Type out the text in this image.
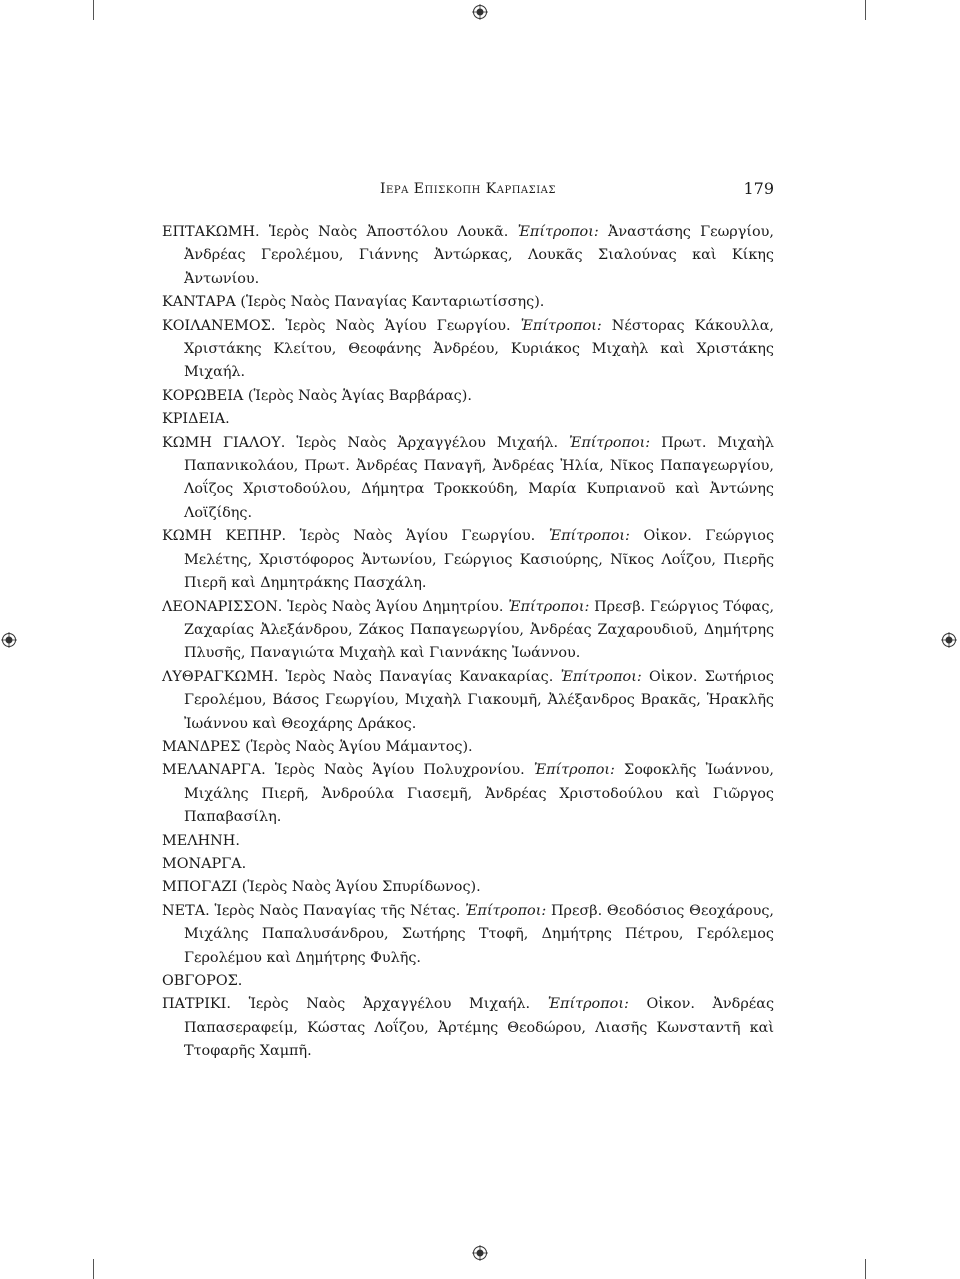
Ιερα Επισκοπη Καρπασιας	179

ΕΠΤΑΚΩΜΗ. Ἱερὸς Ναὸς Ἀποστόλου Λουκᾶ. Ἐπίτροποι: Ἀναστάσης Γεωργίου, Ἀνδρέας Γερολέμου, Γιάννης Ἀντώρκας, Λουκᾶς Σιαλούνας καὶ Κίκης Ἀντωνίου.

ΚΑΝΤΑΡΑ (Ἱερὸς Ναὸς Παναγίας Κανταριωτίσσης).

ΚΟΙΛΑΝΕΜΟΣ. Ἱερὸς Ναὸς Ἁγίου Γεωργίου. Ἐπίτροποι: Νέστορας Κάκουλλα, Χριστάκης Κλείτου, Θεοφάνης Ἀνδρέου, Κυριάκος Μιχαὴλ καὶ Χριστάκης Μιχαήλ.

ΚΟΡΩΒΕΙΑ (Ἱερὸς Ναὸς Ἁγίας Βαρβάρας).

ΚΡΙΔΕΙΑ.

ΚΩΜΗ ΓΙΑΛΟΥ. Ἱερὸς Ναὸς Ἀρχαγγέλου Μιχαήλ. Ἐπίτροποι: Πρωτ. Μιχαὴλ Παπανικολάου, Πρωτ. Ἀνδρέας Παναγῆ, Ἀνδρέας Ἠλία, Νῖκος Παπαγεωργίου, Λοΐζος Χριστοδούλου, Δήμητρα Τροκκούδη, Μαρία Κυπριανοῦ καὶ Ἀντώνης Λοϊζίδης.

ΚΩΜΗ ΚΕΠΗΡ. Ἱερὸς Ναὸς Ἁγίου Γεωργίου. Ἐπίτροποι: Οἰκον. Γεώργιος Μελέτης, Χριστόφορος Ἀντωνίου, Γεώργιος Κασιούρης, Νῖκος Λοΐζου, Πιερῆς Πιερῆ καὶ Δημητράκης Πασχάλη.

ΛΕΟΝΑΡΙΣΣΟΝ. Ἱερὸς Ναὸς Ἁγίου Δημητρίου. Ἐπίτροποι: Πρεσβ. Γεώργιος Τόφας, Ζαχαρίας Ἀλεξάνδρου, Ζάκος Παπαγεωργίου, Ἀνδρέας Ζαχαρουδιοῦ, Δημήτρης Πλυσῆς, Παναγιώτα Μιχαὴλ καὶ Γιαννάκης Ἰωάννου.

ΛΥΘΡΑΓΚΩΜΗ. Ἱερὸς Ναὸς Παναγίας Κανακαρίας. Ἐπίτροποι: Οἰκον. Σωτήριος Γερολέμου, Βάσος Γεωργίου, Μιχαὴλ Γιακουμῆ, Ἀλέξανδρος Βρακᾶς, Ἡρακλῆς Ἰωάννου καὶ Θεοχάρης Δράκος.

ΜΑΝΔΡΕΣ (Ἱερὸς Ναὸς Ἁγίου Μάμαντος).

ΜΕΛΑΝΑΡΓΑ. Ἱερὸς Ναὸς Ἁγίου Πολυχρονίου. Ἐπίτροποι: Σοφοκλῆς Ἰωάννου, Μιχάλης Πιερῆ, Ἀνδρούλα Γιασεμῆ, Ἀνδρέας Χριστοδούλου καὶ Γιῶργος Παπαβασίλη.

ΜΕΛΗΝΗ.

ΜΟΝΑΡΓΑ.

ΜΠΟΓΑΖΙ (Ἱερὸς Ναὸς Ἁγίου Σπυρίδωνος).

ΝΕΤΑ. Ἱερὸς Ναὸς Παναγίας τῆς Νέτας. Ἐπίτροποι: Πρεσβ. Θεοδόσιος Θεοχάρους, Μιχάλης Παπαλυσάνδρου, Σωτήρης Ττοφῆ, Δημήτρης Πέτρου, Γερόλεμος Γερολέμου καὶ Δημήτρης Φυλῆς.

ΟΒΓΟΡΟΣ.

ΠΑΤΡΙΚΙ. Ἱερὸς Ναὸς Ἀρχαγγέλου Μιχαήλ. Ἐπίτροποι: Οἰκον. Ἀνδρέας Παπασεραφείμ, Κώστας Λοΐζου, Ἀρτέμης Θεοδώρου, Λιασῆς Κωνσταντῆ καὶ Ττοφαρῆς Χαμπῆ.
